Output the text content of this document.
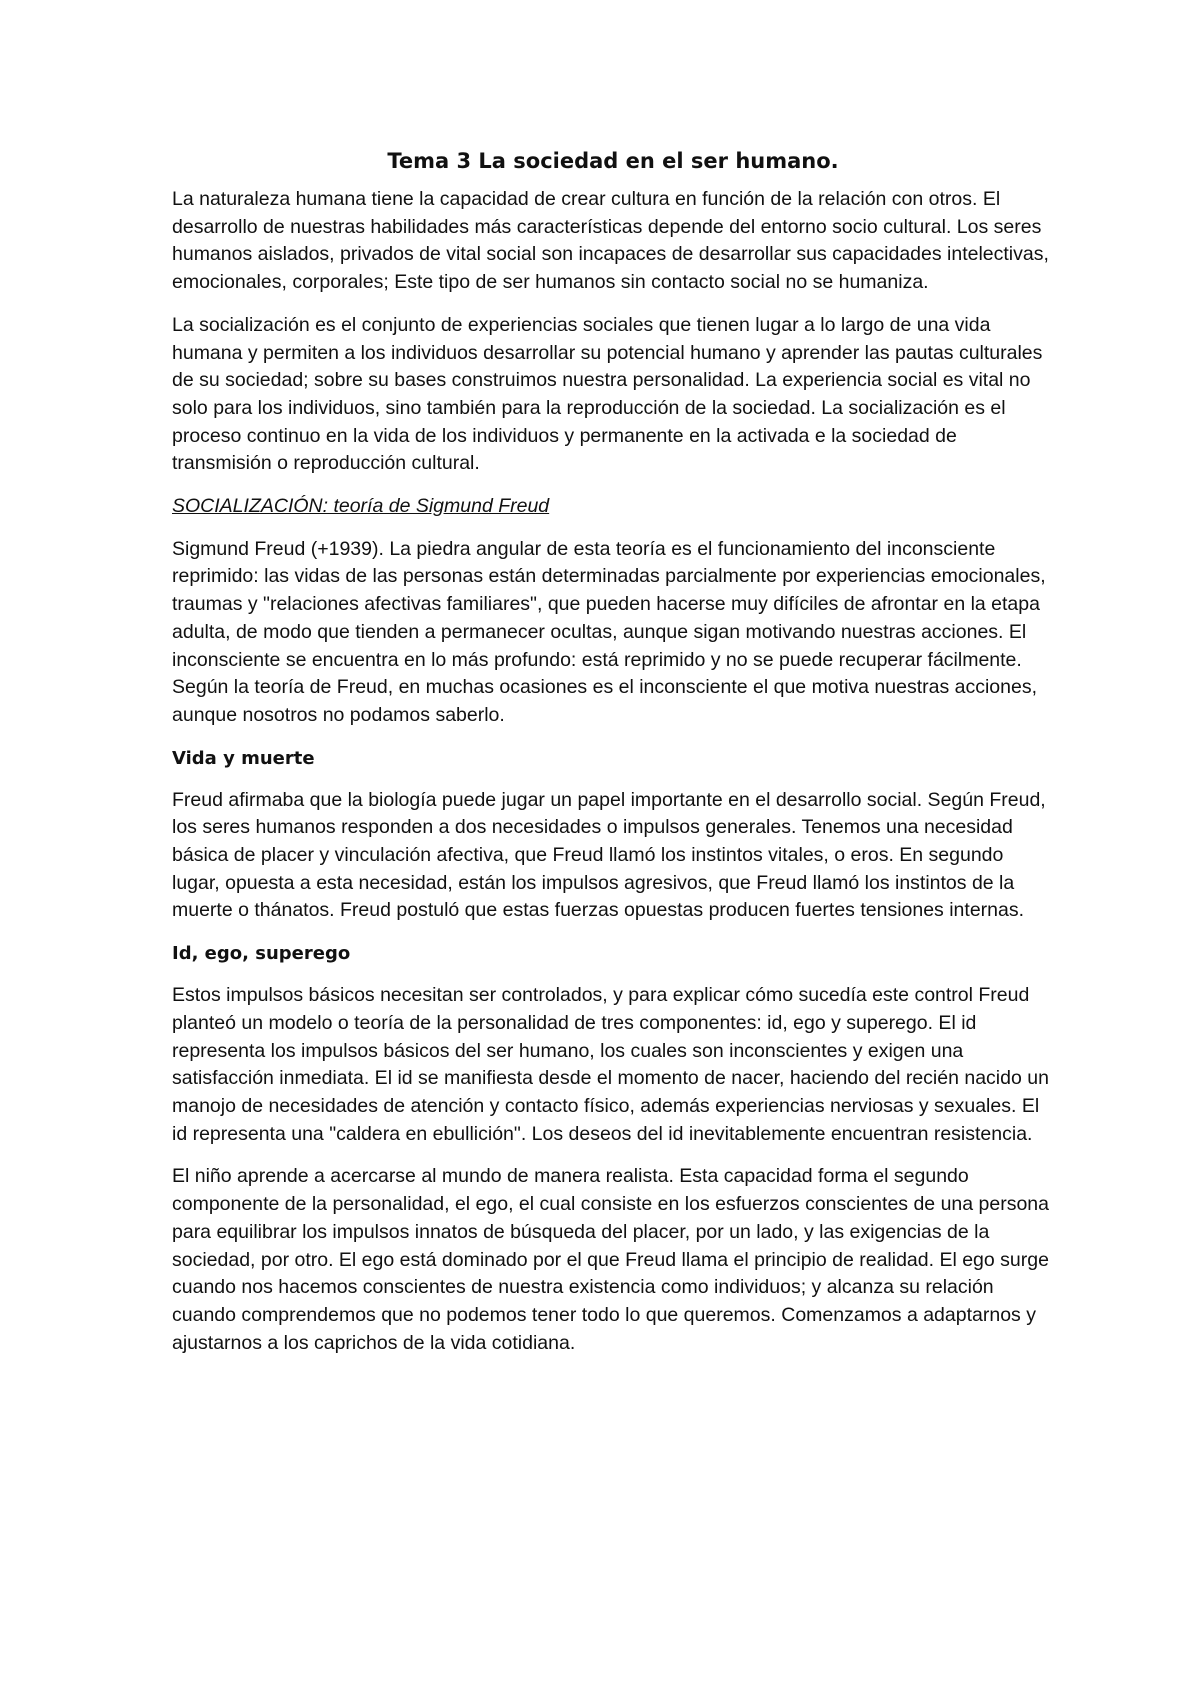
Tema 3 La sociedad en el ser humano.

La naturaleza humana tiene la capacidad de crear cultura en función de la relación con otros. El desarrollo de nuestras habilidades más características depende del entorno socio cultural. Los seres humanos aislados, privados de vital social son incapaces de desarrollar sus capacidades intelectivas, emocionales, corporales; Este tipo de ser humanos sin contacto social no se humaniza.

La socialización es el conjunto de experiencias sociales que tienen lugar a lo largo de una vida humana y permiten a los individuos desarrollar su potencial humano y aprender las pautas culturales de su sociedad; sobre su bases construimos nuestra personalidad. La experiencia social es vital no solo para los individuos, sino también para la reproducción de la sociedad. La socialización es el proceso continuo en la vida de los individuos y permanente en la activada e la sociedad de transmisión o reproducción cultural.

SOCIALIZACIÓN: teoría de Sigmund Freud

Sigmund Freud (+1939). La piedra angular de esta teoría es el funcionamiento del inconsciente reprimido: las vidas de las personas están determinadas parcialmente por experiencias emocionales, traumas y "relaciones afectivas familiares", que pueden hacerse muy difíciles de afrontar en la etapa adulta, de modo que tienden a permanecer ocultas, aunque sigan motivando nuestras acciones. El inconsciente se encuentra en lo más profundo: está reprimido y no se puede recuperar fácilmente. Según la teoría de Freud, en muchas ocasiones es el inconsciente el que motiva nuestras acciones, aunque nosotros no podamos saberlo.

Vida y muerte

Freud afirmaba que la biología puede jugar un papel importante en el desarrollo social. Según Freud, los seres humanos responden a dos necesidades o impulsos generales. Tenemos una necesidad básica de placer y vinculación afectiva, que Freud llamó los instintos vitales, o eros. En segundo lugar, opuesta a esta necesidad, están los impulsos agresivos, que Freud llamó los instintos de la muerte o thánatos. Freud postuló que estas fuerzas opuestas producen fuertes tensiones internas.

Id, ego, superego

Estos impulsos básicos necesitan ser controlados, y para explicar cómo sucedía este control Freud planteó un modelo o teoría de la personalidad de tres componentes: id, ego y superego. El id representa los impulsos básicos del ser humano, los cuales son inconscientes y exigen una satisfacción inmediata. El id se manifiesta desde el momento de nacer, haciendo del recién nacido un manojo de necesidades de atención y contacto físico, además experiencias nerviosas y sexuales. El id representa una "caldera en ebullición". Los deseos del id inevitablemente encuentran resistencia.

El niño aprende a acercarse al mundo de manera realista. Esta capacidad forma el segundo componente de la personalidad, el ego, el cual consiste en los esfuerzos conscientes de una persona para equilibrar los impulsos innatos de búsqueda del placer, por un lado, y las exigencias de la sociedad, por otro. El ego está dominado por el que Freud llama el principio de realidad. El ego surge cuando nos hacemos conscientes de nuestra existencia como individuos; y alcanza su relación cuando comprendemos que no podemos tener todo lo que queremos. Comenzamos a adaptarnos y ajustarnos a los caprichos de la vida cotidiana.
